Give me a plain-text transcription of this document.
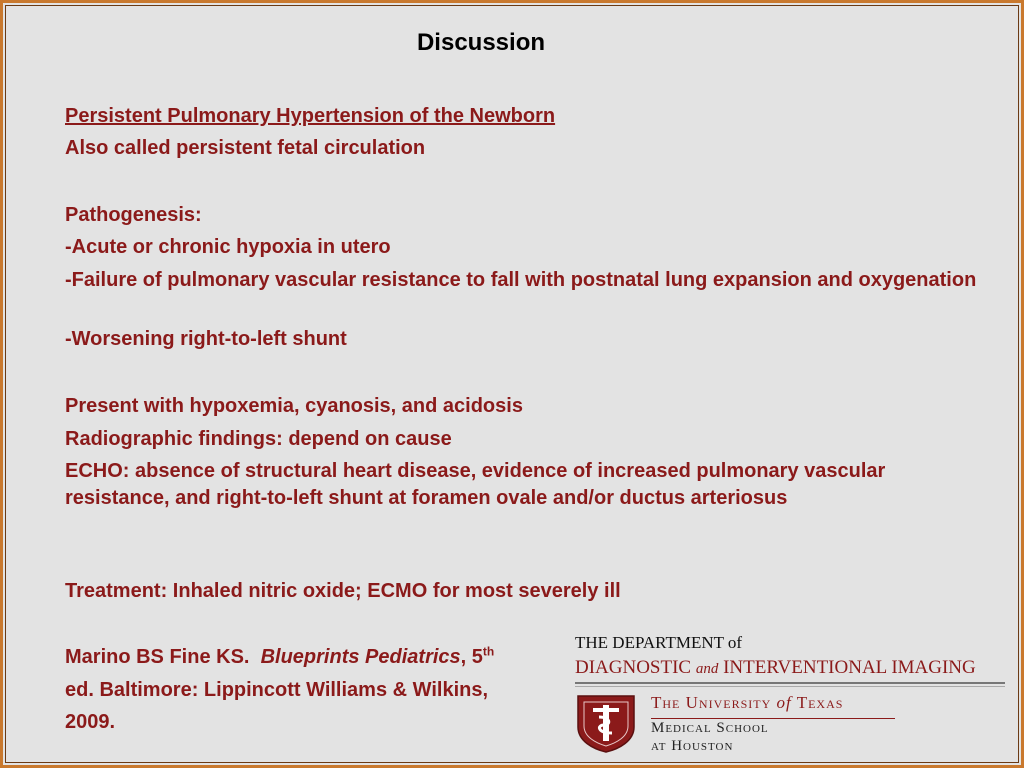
Discussion
Persistent Pulmonary Hypertension of the Newborn
Also called persistent fetal circulation
Pathogenesis:
-Acute or chronic hypoxia in utero
-Failure of pulmonary vascular resistance to fall with postnatal lung expansion and oxygenation
-Worsening right-to-left shunt
Present with hypoxemia, cyanosis, and acidosis
Radiographic findings: depend on cause
ECHO: absence of structural heart disease, evidence of increased pulmonary vascular resistance, and right-to-left shunt at foramen ovale and/or ductus arteriosus
Treatment: Inhaled nitric oxide; ECMO for most severely ill
Marino BS Fine KS. Blueprints Pediatrics, 5th
ed. Baltimore: Lippincott Williams & Wilkins,
2009.
THE DEPARTMENT of
DIAGNOSTIC and INTERVENTIONAL IMAGING
The University of Texas
Medical School
at Houston
